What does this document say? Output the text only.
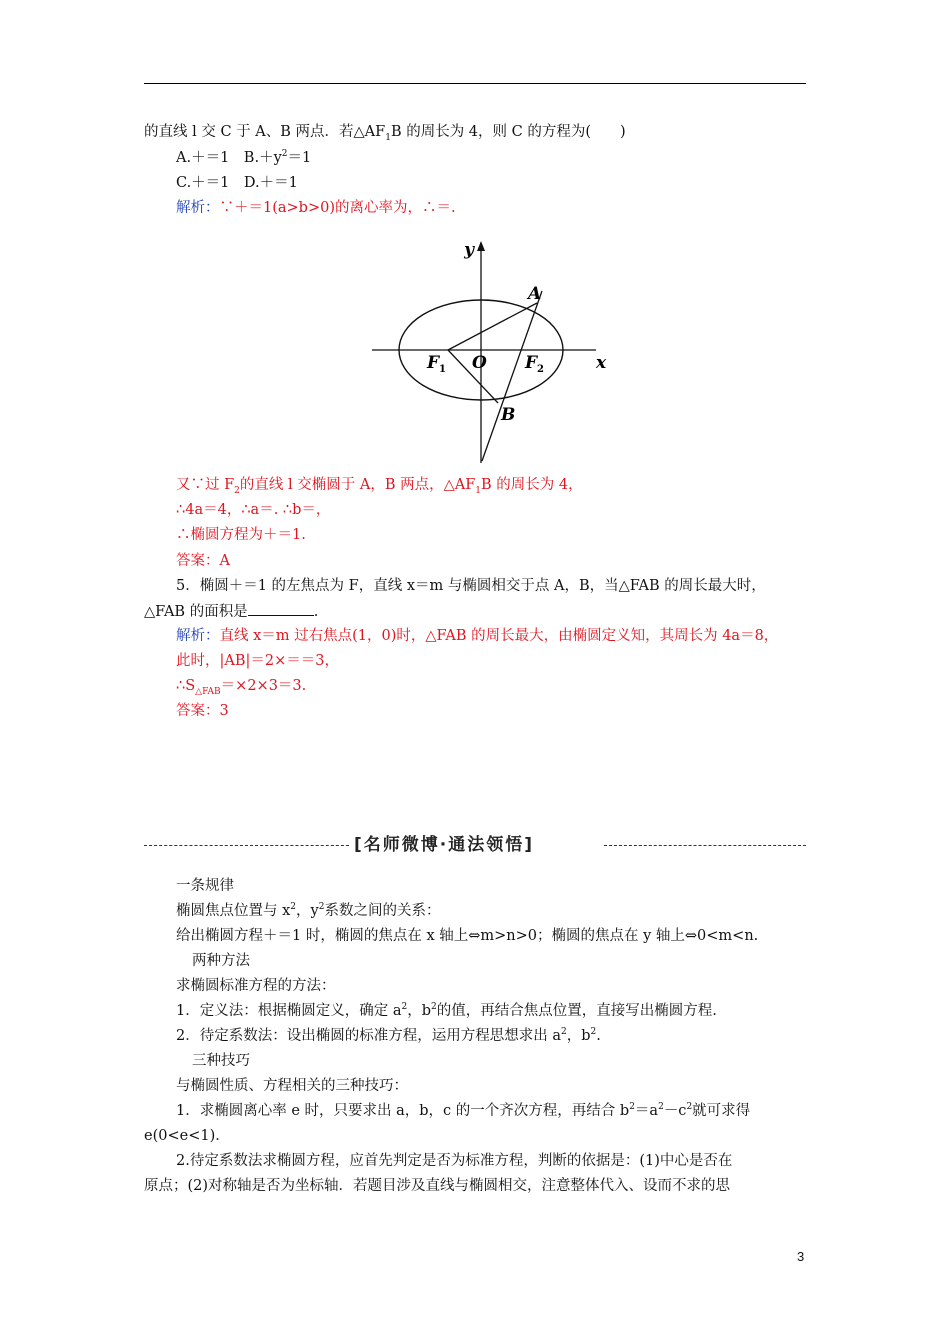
的直线 l 交 C 于 A、B 两点．若$\triangle AF_1B$ 的周长为 4，则 C 的方程为(　　)
A.＋＝1　$B.+y^2=1$
C.＋＝1　D.＋＝1
解析：∵＋＝1(a>b>0)的离心率为，∴＝.
y
x
A
B
O
F 1	F 2
又∵过 $F_2$的直线 l 交椭圆于 A，B 两点，$\triangle AF_1B$ 的周长为 4，
∴4a＝4，∴a＝. ∴b＝，
∴椭圆方程为＋＝1.
答案：A
5．椭圆＋＝1 的左焦点为 F，直线 x＝m 与椭圆相交于点 A，B，当△FAB 的周长最大时，
△FAB 的面积是	.
解析：直线 x＝m 过右焦点(1，0)时，△FAB 的周长最大，由椭圆定义知，其周长为 4a＝8，
此时，|AB|＝2×＝＝3，
$\therefore S_{\triangle FAB}=\times 2\times 3=3$.
答案：3
[名师微博·通法领悟]
一条规律
椭圆焦点位置与 $x^2$，$y^2$系数之间的关系：
给出椭圆方程＋＝1 时，椭圆的焦点在 x 轴上⇔m>n>0；椭圆的焦点在 y 轴上⇔0<m<n.
两种方法
求椭圆标准方程的方法：
1．定义法：根据椭圆定义，确定 $a^2$，$b^2$的值，再结合焦点位置，直接写出椭圆方程.
2．待定系数法：设出椭圆的标准方程，运用方程思想求出 $a^2$，$b^2$.
三种技巧
与椭圆性质、方程相关的三种技巧：
1．求椭圆离心率 e 时，只要求出 a，b，c 的一个齐次方程，再结合 $b^2=a^2-c^2$就可求得
e(0<e<1)．
2.待定系数法求椭圆方程，应首先判定是否为标准方程，判断的依据是：(1)中心是否在
原点；(2)对称轴是否为坐标轴．若题目涉及直线与椭圆相交，注意整体代入、设而不求的思
3
